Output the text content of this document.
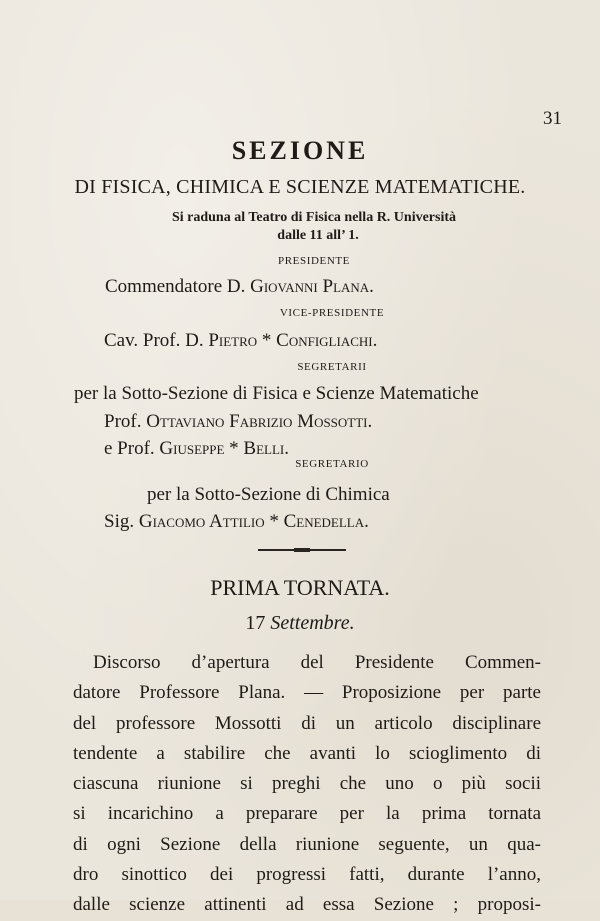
31
SEZIONE
DI FISICA, CHIMICA E SCIENZE MATEMATICHE.
Si raduna al Teatro di Fisica nella R. Università
dalle 11 all’ 1.
PRESIDENTE
Commendatore D. Giovanni Plana.
VICE-PRESIDENTE
Cav. Prof. D. Pietro * Configliachi.
SEGRETARII
per la Sotto-Sezione di Fisica e Scienze Matematiche
Prof. Ottaviano Fabrizio Mossotti.
e Prof. Giuseppe * Belli.
SEGRETARIO
per la Sotto-Sezione di Chimica
Sig. Giacomo Attilio * Cenedella.
PRIMA TORNATA.
17 Settembre.
Discorso d’apertura del Presidente Commen-
datore Professore Plana. — Proposizione per parte
del professore Mossotti di un articolo disciplinare
tendente a stabilire che avanti lo scioglimento di
ciascuna riunione si preghi che uno o più socii
si incarichino a preparare per la prima tornata
di ogni Sezione della riunione seguente, un qua-
dro sinottico dei progressi fatti, durante l’anno,
dalle scienze attinenti ad essa Sezione ; proposi-
